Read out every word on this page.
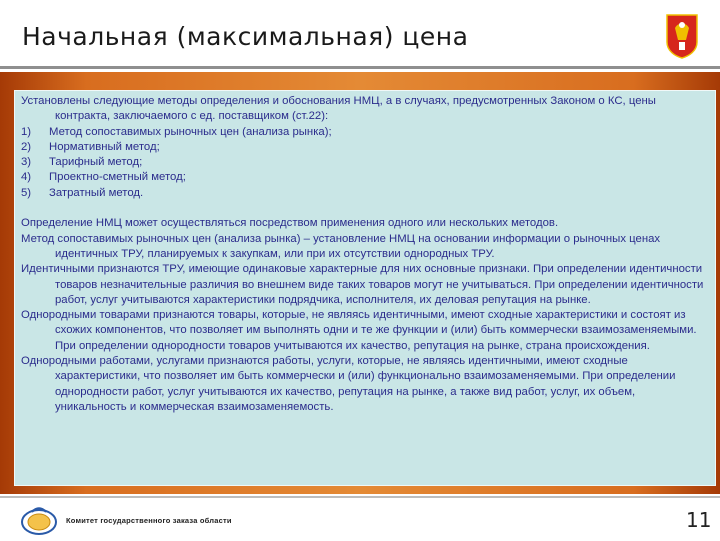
Начальная (максимальная) цена

Установлены следующие методы определения и обоснования НМЦ, а в случаях, предусмотренных Законом о КС, цены контракта, заключаемого с ед. поставщиком (ст.22):

1)	Метод сопоставимых рыночных цен (анализа рынка);
2)	Нормативный метод;
3)	Тарифный метод;
4)	Проектно-сметный метод;
5)	Затратный метод.

Определение НМЦ может осуществляться посредством применения одного или нескольких методов.

Метод сопоставимых рыночных цен (анализа рынка) – установление НМЦ на основании информации о рыночных ценах идентичных ТРУ, планируемых к закупкам, или при их отсутствии однородных ТРУ.

Идентичными признаются ТРУ, имеющие одинаковые характерные для них основные признаки. При определении идентичности товаров незначительные различия во внешнем виде таких товаров могут не учитываться. При определении идентичности работ, услуг учитываются характеристики подрядчика, исполнителя, их деловая репутация на рынке.

Однородными товарами признаются товары, которые, не являясь идентичными, имеют сходные характеристики и состоят из схожих компонентов, что позволяет им выполнять одни и те же функции и (или) быть коммерчески взаимозаменяемыми. При определении однородности товаров учитываются их качество, репутация на рынке, страна происхождения.

Однородными работами, услугами признаются работы, услуги, которые, не являясь идентичными, имеют сходные характеристики, что позволяет им быть коммерчески и (или) функционально взаимозаменяемыми. При определении однородности работ, услуг учитываются их качество, репутация на рынке, а также вид работ, услуг, их объем, уникальность и коммерческая взаимозаменяемость.

Комитет государственного заказа области	11
